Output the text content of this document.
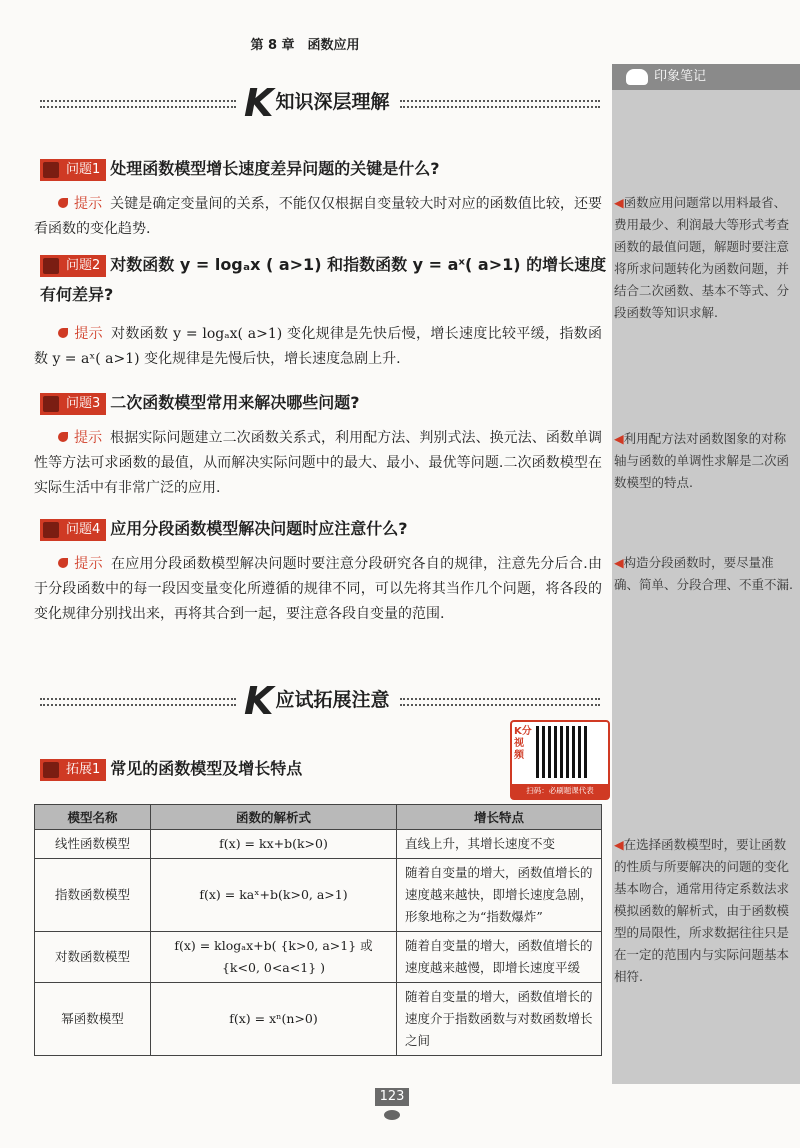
第 8 章　函数应用
印象笔记
◀函数应用问题常以用料最省、费用最少、利润最大等形式考查函数的最值问题，解题时要注意将所求问题转化为函数问题，并结合二次函数、基本不等式、分段函数等知识求解.
◀利用配方法对函数图象的对称轴与函数的单调性求解是二次函数模型的特点.
◀构造分段函数时，要尽量准确、简单、分段合理、不重不漏.
◀在选择函数模型时，要让函数的性质与所要解决的问题的变化基本吻合，通常用待定系数法求模拟函数的解析式，由于函数模型的局限性，所求数据往往只是在一定的范围内与实际问题基本相符.
K知识深层理解
问题1 处理函数模型增长速度差异问题的关键是什么?
提示 关键是确定变量间的关系，不能仅仅根据自变量较大时对应的函数值比较，还要看函数的变化趋势.
问题2 对数函数 y = logₐx ( a>1) 和指数函数 y = aˣ( a>1) 的增长速度有何差异?
提示 对数函数 y = logₐx( a>1) 变化规律是先快后慢，增长速度比较平缓，指数函数 y = aˣ( a>1) 变化规律是先慢后快，增长速度急剧上升.
问题3 二次函数模型常用来解决哪些问题?
提示 根据实际问题建立二次函数关系式，利用配方法、判别式法、换元法、函数单调性等方法可求函数的最值，从而解决实际问题中的最大、最小、最优等问题.二次函数模型在实际生活中有非常广泛的应用.
问题4 应用分段函数模型解决问题时应注意什么?
提示 在应用分段函数模型解决问题时要注意分段研究各自的规律，注意先分后合.由于分段函数中的每一段因变量变化所遵循的规律不同，可以先将其当作几个问题，将各段的变化规律分别找出来，再将其合到一起，要注意各段自变量的范围.
K应试拓展注意
拓展1 常见的函数模型及增长特点
K分视频
扫码：必刷题课代表
模型名称	函数的解析式	增长特点
线性函数模型	f(x) = kx+b(k>0)	直线上升，其增长速度不变
指数函数模型	f(x) = kaˣ+b(k>0, a>1)	随着自变量的增大，函数值增长的速度越来越快，即增长速度急剧，形象地称之为“指数爆炸”
对数函数模型	f(x) = klogₐx+b( {k>0, a>1} 或 {k<0, 0<a<1} )	随着自变量的增大，函数值增长的速度越来越慢，即增长速度平缓
幂函数模型	f(x) = xⁿ(n>0)	随着自变量的增大，函数值增长的速度介于指数函数与对数函数增长之间
123
